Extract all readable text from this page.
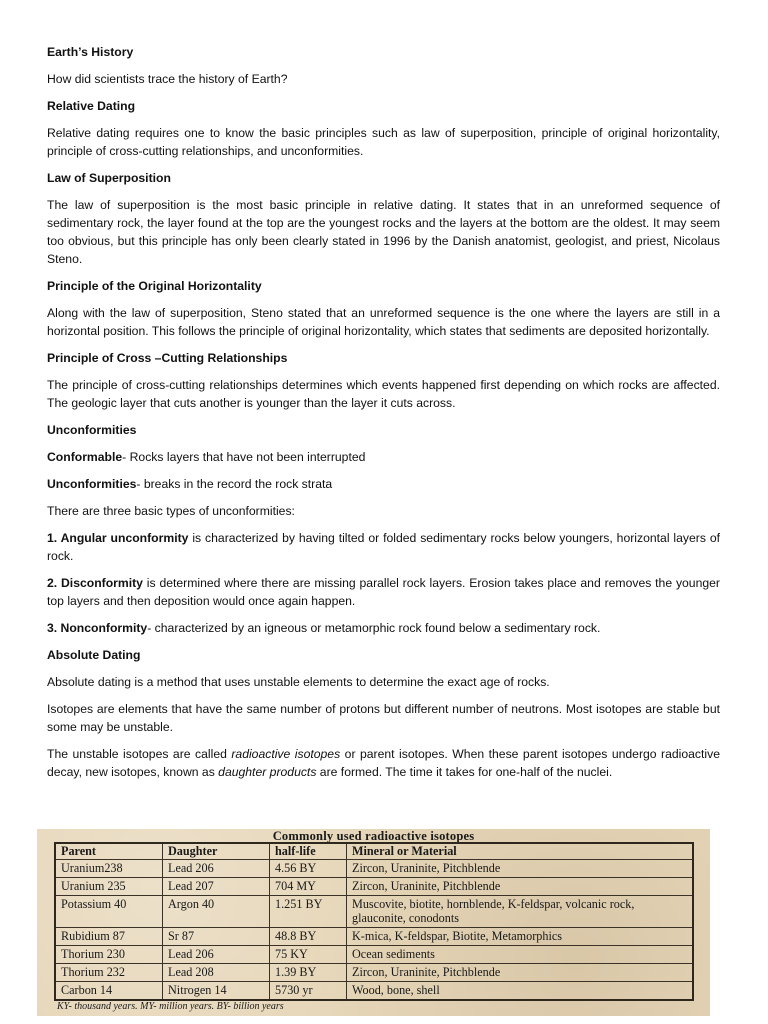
Earth’s History
How did scientists trace the history of Earth?
Relative Dating
Relative dating requires one to know the basic principles such as law of superposition, principle of original horizontality, principle of cross-cutting relationships, and unconformities.
Law of Superposition
The law of superposition is the most basic principle in relative dating. It states that in an unreformed sequence of sedimentary rock, the layer found at the top are the youngest rocks and the layers at the bottom are the oldest. It may seem too obvious, but this principle has only been clearly stated in 1996 by the Danish anatomist, geologist, and priest, Nicolaus Steno.
Principle of the Original Horizontality
Along with the law of superposition, Steno stated that an unreformed sequence is the one where the layers are still in a horizontal position. This follows the principle of original horizontality, which states that sediments are deposited horizontally.
Principle of Cross –Cutting Relationships
The principle of cross-cutting relationships determines which events happened first depending on which rocks are affected. The geologic layer that cuts another is younger than the layer it cuts across.
Unconformities
Conformable- Rocks layers that have not been interrupted
Unconformities- breaks in the record the rock strata
There are three basic types of unconformities:
1. Angular unconformity is characterized by having tilted or folded sedimentary rocks below youngers, horizontal layers of rock.
2. Disconformity is determined where there are missing parallel rock layers. Erosion takes place and removes the younger top layers and then deposition would once again happen.
3. Nonconformity- characterized by an igneous or metamorphic rock found below a sedimentary rock.
Absolute Dating
Absolute dating is a method that uses unstable elements to determine the exact age of rocks.
Isotopes are elements that have the same number of protons but different number of neutrons. Most isotopes are stable but some may be unstable.
The unstable isotopes are called radioactive isotopes or parent isotopes. When these parent isotopes undergo radioactive decay, new isotopes, known as daughter products are formed. The time it takes for one-half of the nuclei.
Commonly used radioactive isotopes
Parent	Daughter	half-life	Mineral or Material
Uranium238	Lead 206	4.56 BY	Zircon, Uraninite, Pitchblende
Uranium 235	Lead 207	704 MY	Zircon, Uraninite, Pitchblende
Potassium 40	Argon 40	1.251 BY	Muscovite, biotite, hornblende, K-feldspar, volcanic rock, glauconite, conodonts
Rubidium 87	Sr 87	48.8 BY	K-mica, K-feldspar, Biotite, Metamorphics
Thorium 230	Lead 206	75 KY	Ocean sediments
Thorium 232	Lead 208	1.39 BY	Zircon, Uraninite, Pitchblende
Carbon 14	Nitrogen 14	5730 yr	Wood, bone, shell
KY- thousand years. MY- million years. BY- billion years
